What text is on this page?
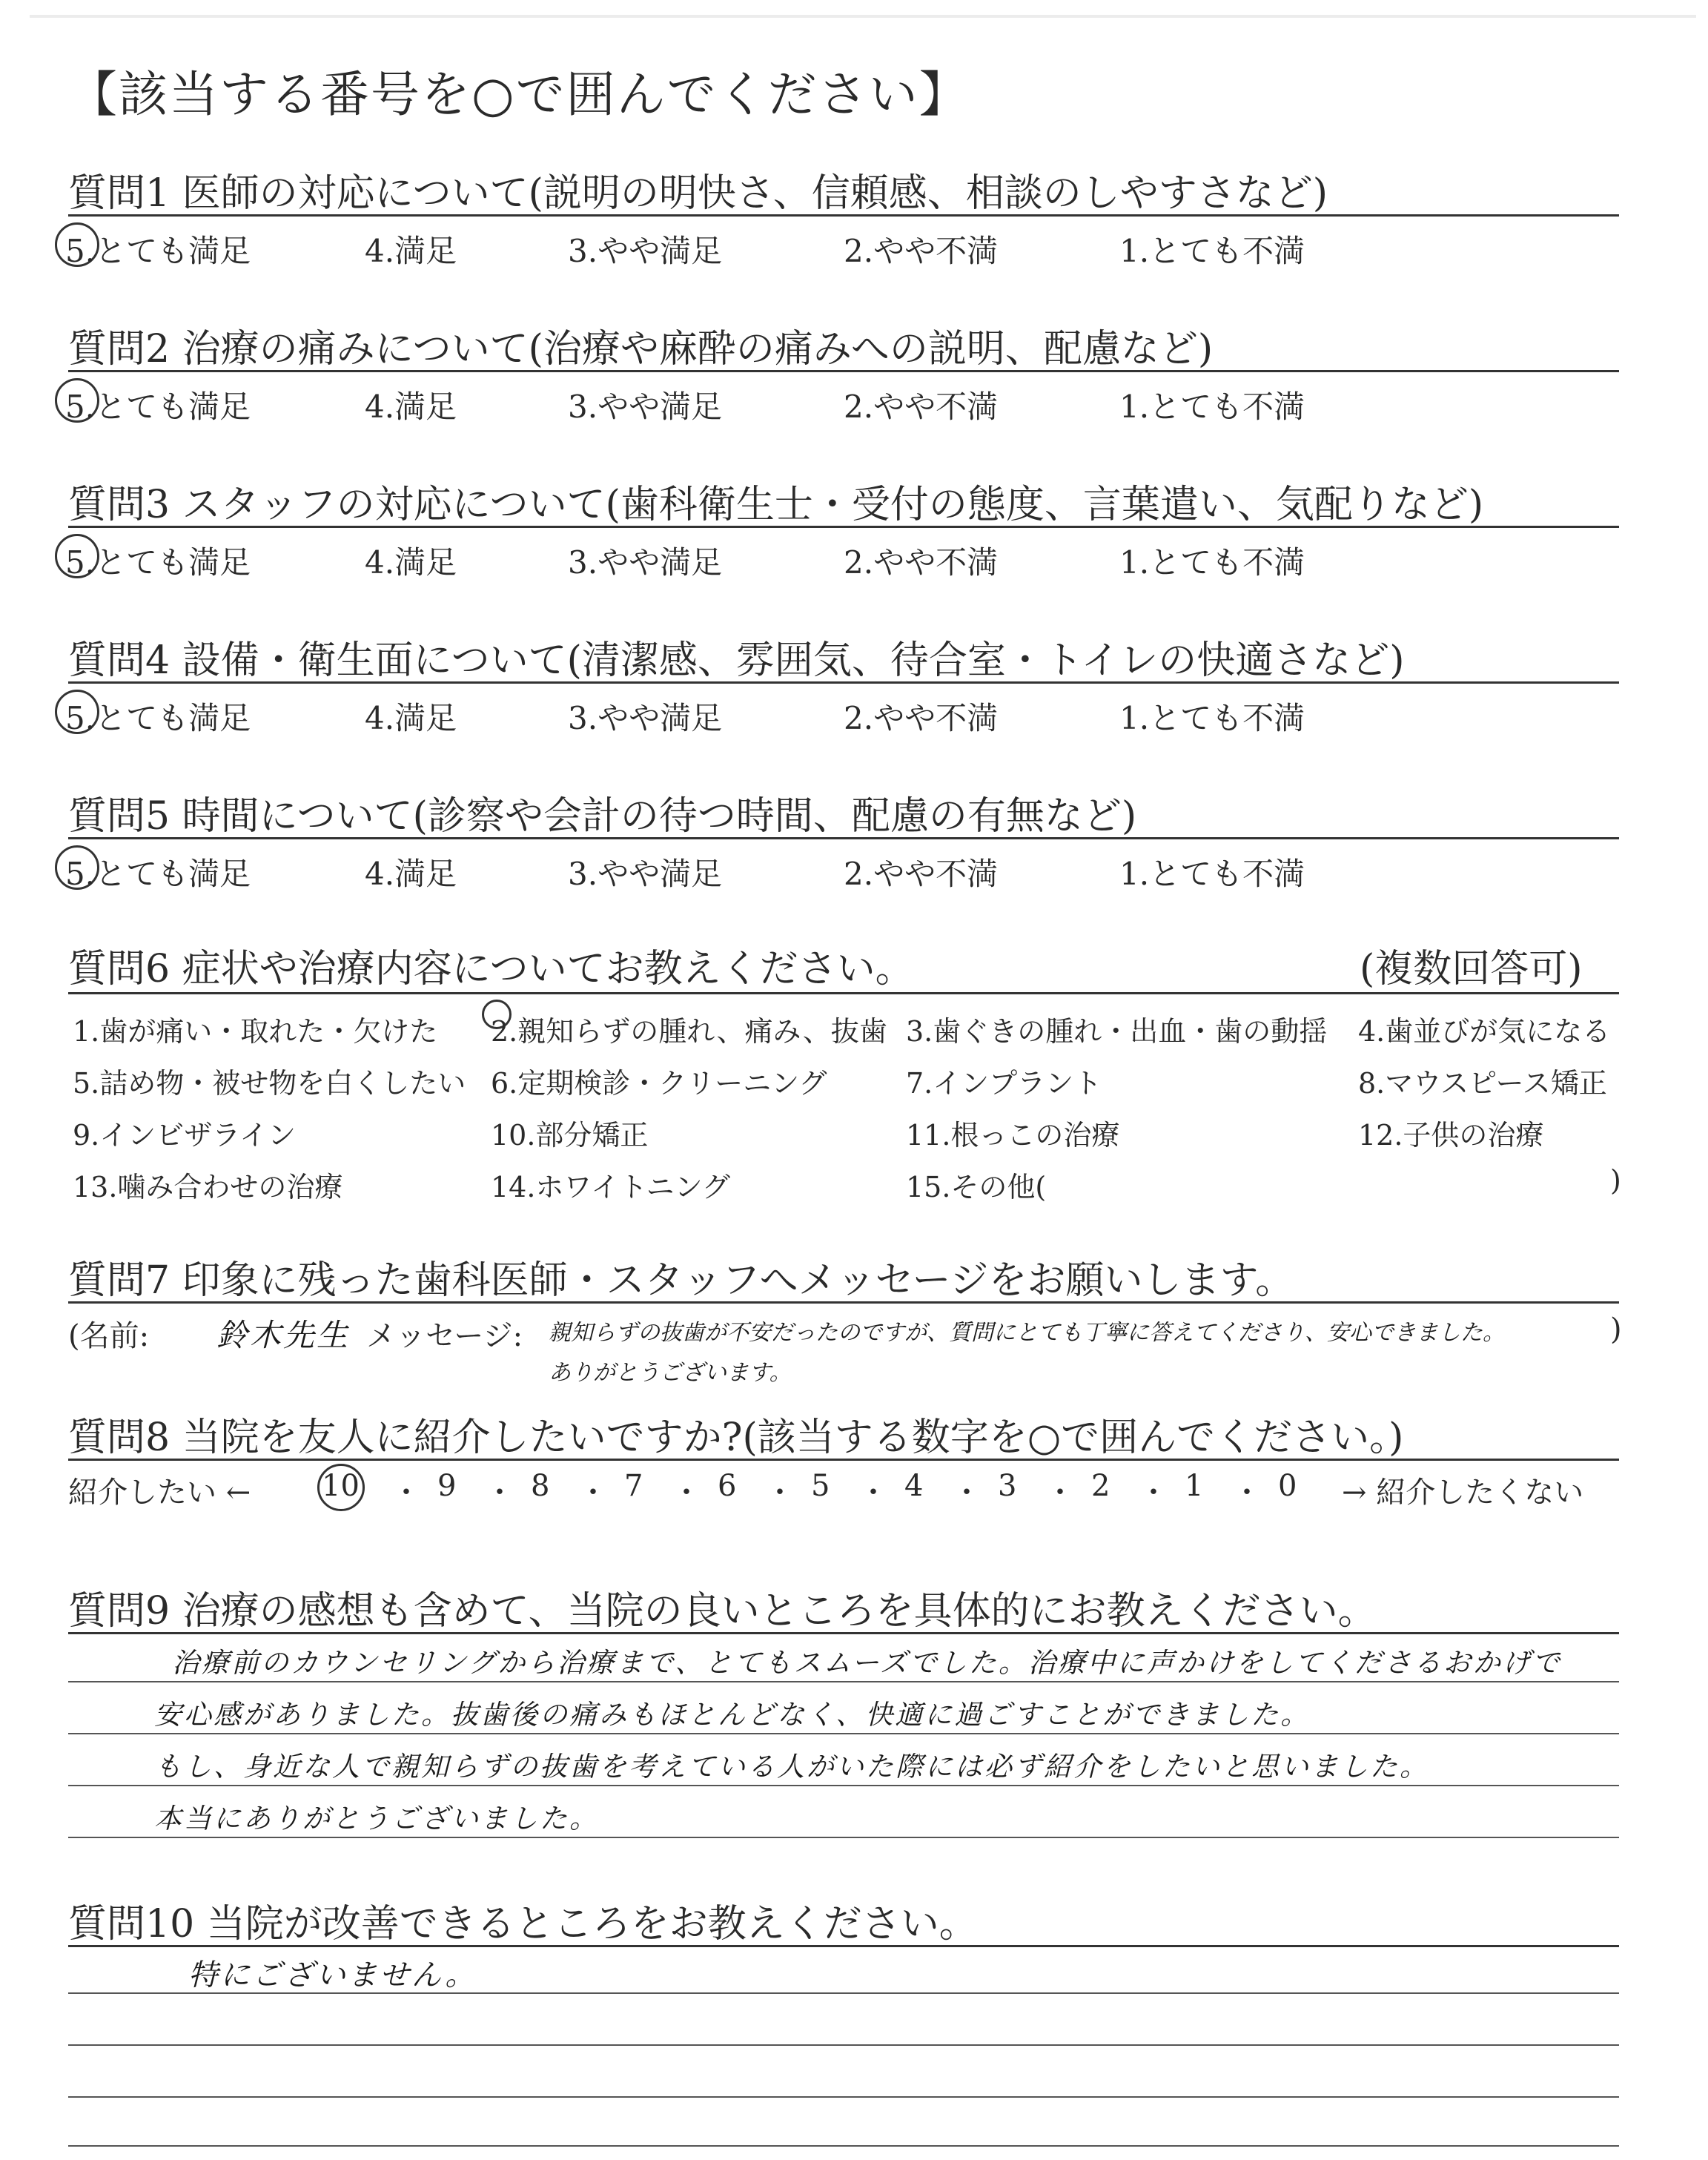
【該当する番号を○で囲んでください】
質問1 医師の対応について(説明の明快さ、信頼感、相談のしやすさなど)
5.とても満足	4.満足	3.やや満足	2.やや不満	1.とても不満
質問2 治療の痛みについて(治療や麻酔の痛みへの説明、配慮など)
5.とても満足	4.満足	3.やや満足	2.やや不満	1.とても不満
質問3 スタッフの対応について(歯科衛生士・受付の態度、言葉遣い、気配りなど)
5.とても満足	4.満足	3.やや満足	2.やや不満	1.とても不満
質問4 設備・衛生面について(清潔感、雰囲気、待合室・トイレの快適さなど)
5.とても満足	4.満足	3.やや満足	2.やや不満	1.とても不満
質問5 時間について(診察や会計の待つ時間、配慮の有無など)
5.とても満足	4.満足	3.やや満足	2.やや不満	1.とても不満
質問6 症状や治療内容についてお教えください。	(複数回答可)
1.歯が痛い・取れた・欠けた 2.親知らずの腫れ、痛み、抜歯 3.歯ぐきの腫れ・出血・歯の動揺 4.歯並びが気になる
5.詰め物・被せ物を白くしたい 6.定期検診・クリーニング	7.インプラント	8.マウスピース矯正
9.インビザライン	10.部分矯正	11.根っこの治療	12.子供の治療
13.噛み合わせの治療	14.ホワイトニング	15.その他(	)
質問7 印象に残った歯科医師・スタッフへメッセージをお願いします。
(名前: 鈴木先生 メッセージ: 親知らずの抜歯が不安だったのですが、質問にとても丁寧に答えてくださり、安心できました。
ありがとうございます。
)
質問8 当院を友人に紹介したいですか?(該当する数字を○で囲んでください。)
紹介したい ← 10 ・ 9 ・ 8 ・ 7 ・ 6 ・ 5 ・ 4 ・ 3 ・ 2 ・ 1 ・ 0 → 紹介したくない
質問9 治療の感想も含めて、当院の良いところを具体的にお教えください。
治療前のカウンセリングから治療まで、とてもスムーズでした。治療中に声かけをしてくださるおかげで
安心感がありました。抜歯後の痛みもほとんどなく、快適に過ごすことができました。
もし、身近な人で親知らずの抜歯を考えている人がいた際には必ず紹介をしたいと思いました。
本当にありがとうございました。
質問10 当院が改善できるところをお教えください。
特にございません。
